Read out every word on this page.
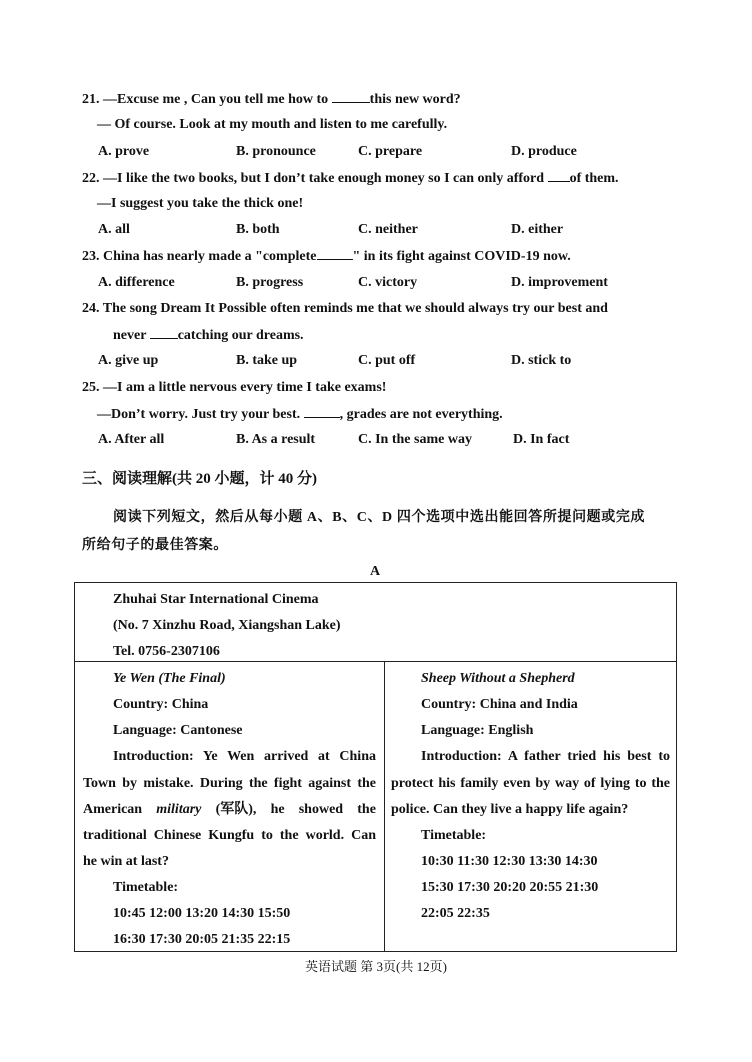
21. —Excuse me , Can you tell me how to	this new word?
— Of course. Look at my mouth and listen to me carefully.
A. prove	B. pronounce	C. prepare	D. produce
22. —I like the two books, but I don’t take enough money so I can only afford of them.
—I suggest you take the thick one!
A. all	B. both	C. neither	D. either
23. China has nearly made a "complete	" in its fight against COVID-19 now.
A. difference	B. progress	C. victory	D. improvement
24. The song Dream It Possible often reminds me that we should always try our best and
never catching our dreams.
A. give up	B. take up	C. put off	D. stick to
25. —I am a little nervous every time I take exams!
—Don’t worry. Just try your best.	, grades are not everything.
A. After all	B. As a result	C. In the same way	D. In fact
三、阅读理解(共 20 小题，计 40 分)
阅读下列短文，然后从每小题 A、B、C、D 四个选项中选出能回答所提问题或完成
所给句子的最佳答案。
A
Zhuhai Star International Cinema
(No. 7 Xinzhu Road, Xiangshan Lake)
Tel. 0756-2307106
Ye Wen (The Final)
Country: China
Language: Cantonese
Introduction: Ye Wen arrived at China
Town by mistake. During the fight against the
American military (军队), he showed the
traditional Chinese Kungfu to the world. Can
he win at last?
Timetable:
10:45 12:00 13:20 14:30 15:50
16:30 17:30 20:05 21:35 22:15
Sheep Without a Shepherd
Country: China and India
Language: English
Introduction: A father tried his best to
protect his family even by way of lying to the
police. Can they live a happy life again?
Timetable:
10:30 11:30 12:30 13:30 14:30
15:30 17:30 20:20 20:55 21:30
22:05 22:35
英语试题 第 3页(共 12页)
